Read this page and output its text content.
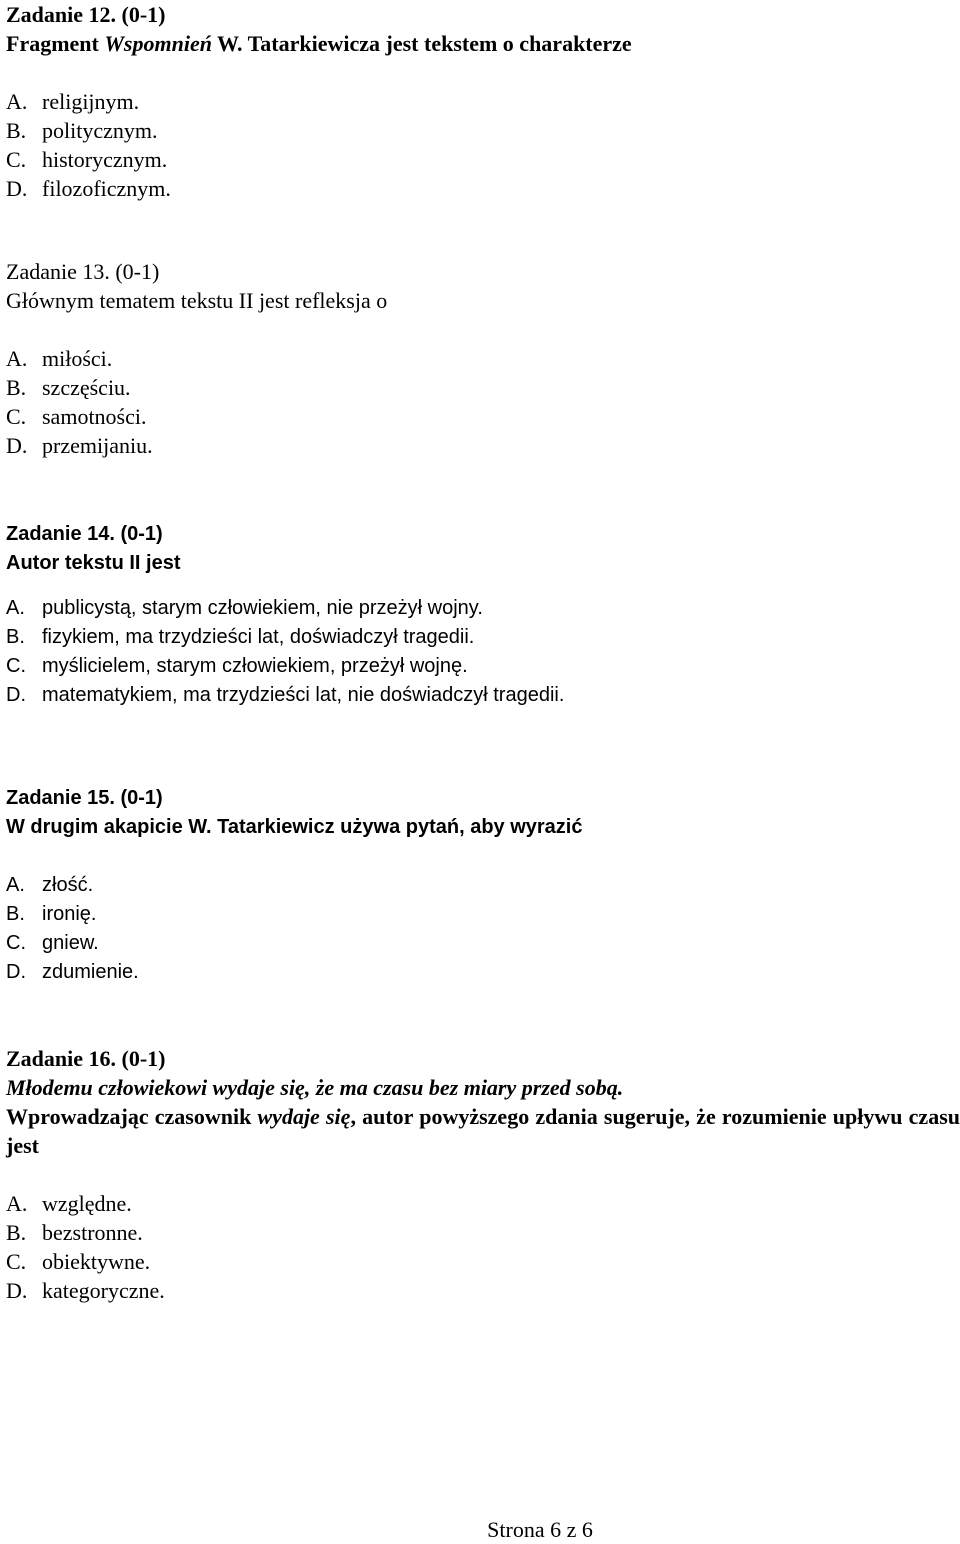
Zadanie 12. (0-1)
Fragment Wspomnień W. Tatarkiewicza jest tekstem o charakterze
A. religijnym.
B. politycznym.
C. historycznym.
D. filozoficznym.
Zadanie 13. (0-1)
Głównym tematem tekstu II jest refleksja o
A. miłości.
B. szczęściu.
C. samotności.
D. przemijaniu.
Zadanie 14. (0-1)
Autor tekstu II jest
A. publicystą, starym człowiekiem, nie przeżył wojny.
B. fizykiem, ma trzydzieści lat, doświadczył tragedii.
C. myślicielem, starym człowiekiem, przeżył wojnę.
D. matematykiem, ma trzydzieści lat, nie doświadczył tragedii.
Zadanie 15. (0-1)
W drugim akapicie W. Tatarkiewicz używa pytań, aby wyrazić
A. złość.
B. ironię.
C. gniew.
D. zdumienie.
Zadanie 16. (0-1)
Młodemu człowiekowi wydaje się, że ma czasu bez miary przed sobą.
Wprowadzając czasownik wydaje się, autor powyższego zdania sugeruje, że rozumienie upływu czasu jest
A. względne.
B. bezstronne.
C. obiektywne.
D. kategoryczne.
Strona 6 z 6
